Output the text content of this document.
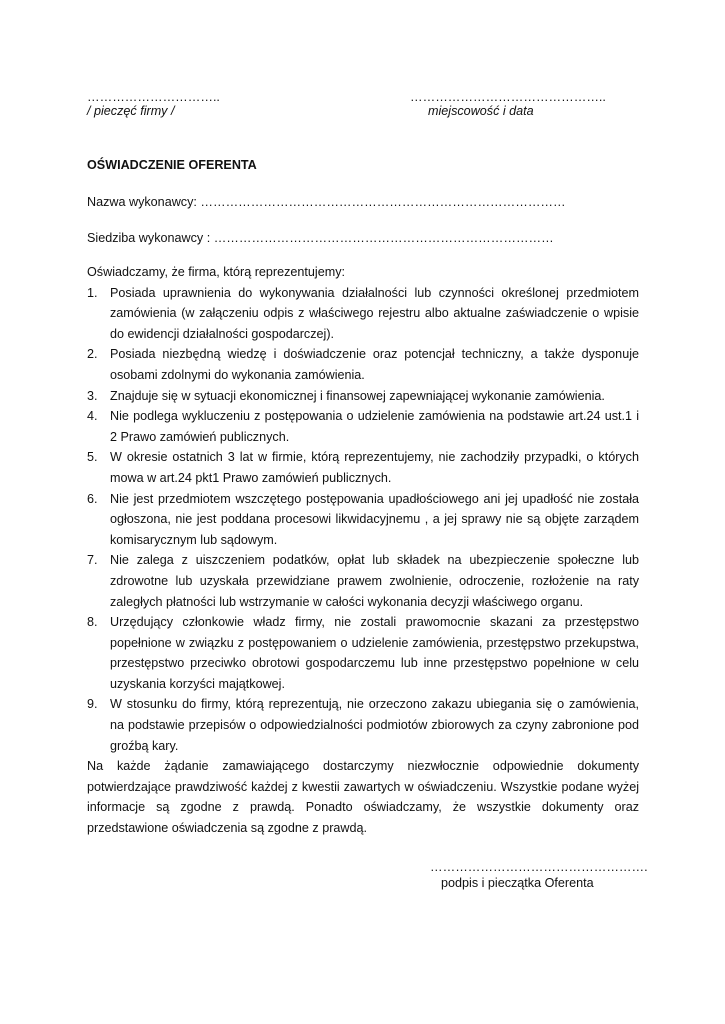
…………………………..
/ pieczęć firmy /
………………………………………..
miejscowość i data
OŚWIADCZENIE OFERENTA
Nazwa wykonawcy: ……………………………………………………………………………
Siedziba wykonawcy : ………………………………………………………………………

Oświadczamy, że firma, którą reprezentujemy:

1. Posiada uprawnienia do wykonywania działalności lub czynności określonej przedmiotem zamówienia (w załączeniu odpis z właściwego rejestru albo aktualne zaświadczenie o wpisie do ewidencji działalności gospodarczej).
2. Posiada niezbędną wiedzę i doświadczenie oraz potencjał techniczny, a także dysponuje osobami zdolnymi do wykonania zamówienia.
3. Znajduje się w sytuacji ekonomicznej i finansowej zapewniającej wykonanie zamówienia.
4. Nie podlega wykluczeniu z postępowania o udzielenie zamówienia na podstawie art.24 ust.1 i 2 Prawo zamówień publicznych.
5. W okresie ostatnich 3 lat w firmie, którą reprezentujemy, nie zachodziły przypadki, o których mowa w art.24 pkt1 Prawo zamówień publicznych.
6. Nie jest przedmiotem wszczętego postępowania upadłościowego ani jej upadłość nie została ogłoszona, nie jest poddana procesowi likwidacyjnemu , a jej sprawy nie są objęte zarządem komisarycznym lub sądowym.
7. Nie zalega z uiszczeniem podatków, opłat lub składek na ubezpieczenie społeczne lub zdrowotne lub uzyskała przewidziane prawem zwolnienie, odroczenie, rozłożenie na raty zaległych płatności lub wstrzymanie w całości wykonania decyzji właściwego organu.
8. Urzędujący członkowie władz firmy, nie zostali prawomocnie skazani za przestępstwo popełnione w związku z postępowaniem o udzielenie zamówienia, przestępstwo przekupstwa, przestępstwo przeciwko obrotowi gospodarczemu lub inne przestępstwo popełnione w celu uzyskania korzyści majątkowej.
9. W stosunku do firmy, którą reprezentują, nie orzeczono zakazu ubiegania się o zamówienia, na podstawie przepisów o odpowiedzialności podmiotów zbiorowych za czyny zabronione pod groźbą kary.

Na każde żądanie zamawiającego dostarczymy niezwłocznie odpowiednie dokumenty potwierdzające prawdziwość każdej z kwestii zawartych w oświadczeniu. Wszystkie podane wyżej informacje są zgodne z prawdą. Ponadto oświadczamy, że wszystkie dokumenty oraz przedstawione oświadczenia są zgodne z prawdą.

…………………………………………….
podpis i pieczątka Oferenta
